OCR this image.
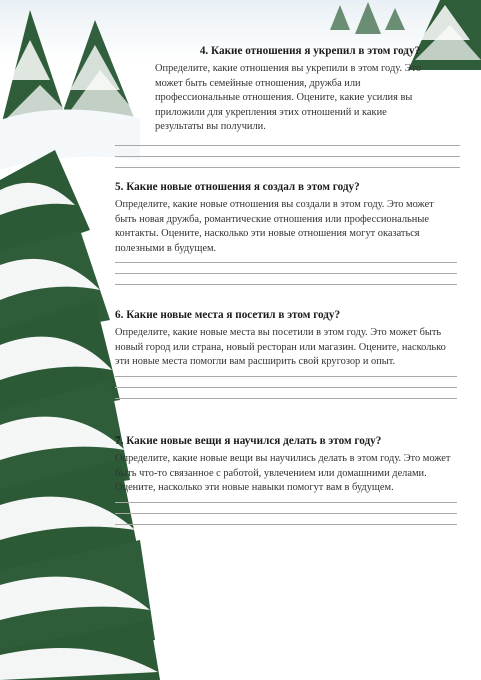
4. Какие отношения я укрепил в этом году?

Определите, какие отношения вы укрепили в этом году. Это может быть семейные отношения, дружба или профессиональные отношения. Оцените, какие усилия вы приложили для укрепления этих отношений и какие результаты вы получили.

5. Какие новые отношения я создал в этом году?

Определите, какие новые отношения вы создали в этом году. Это может быть новая дружба, романтические отношения или профессиональные контакты. Оцените, насколько эти новые отношения могут оказаться полезными в будущем.

6. Какие новые места я посетил в этом году?

Определите, какие новые места вы посетили в этом году. Это может быть новый город или страна, новый ресторан или магазин. Оцените, насколько эти новые места помогли вам расширить свой кругозор и опыт.

7. Какие новые вещи я научился делать в этом году?

Определите, какие новые вещи вы научились делать в этом году. Это может быть что-то связанное с работой, увлечением или домашними делами. Оцените, насколько эти новые навыки помогут вам в будущем.
